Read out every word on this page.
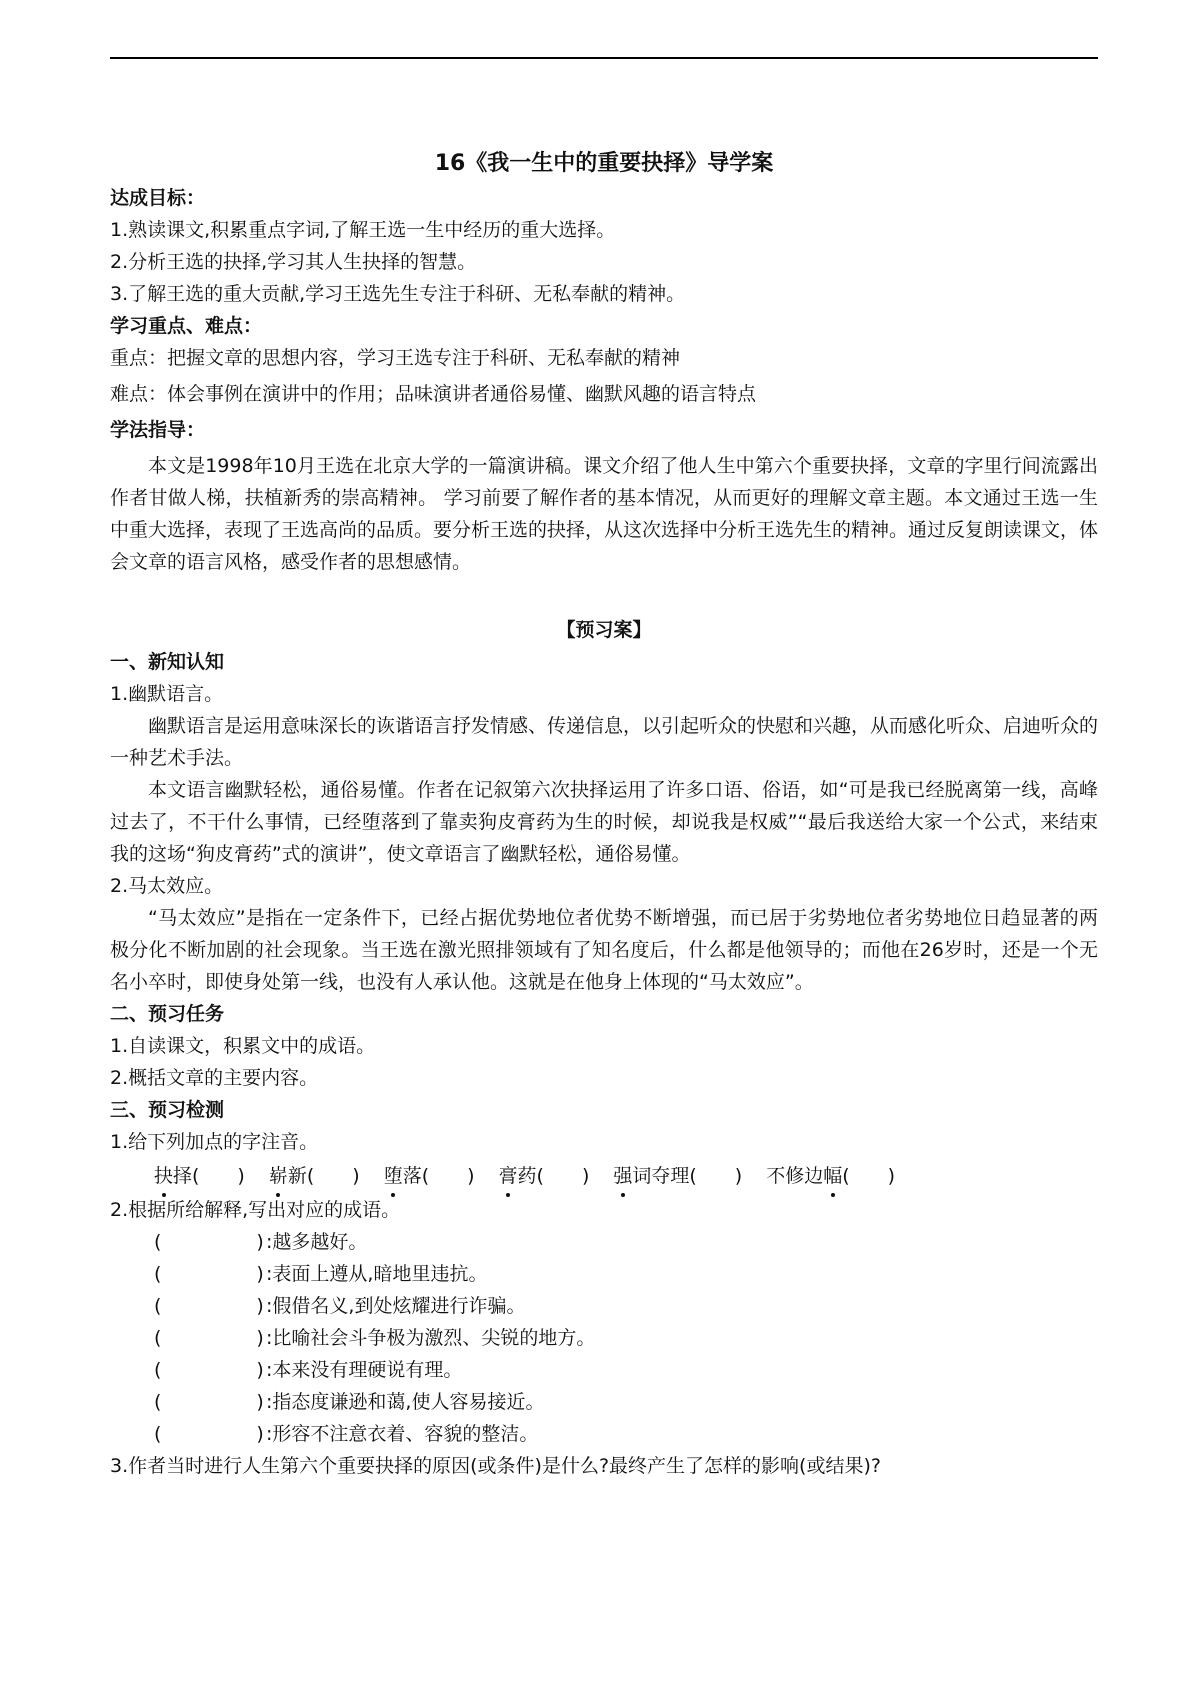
16《我一生中的重要抉择》导学案

达成目标：

1.熟读课文,积累重点字词,了解王选一生中经历的重大选择。

2.分析王选的抉择,学习其人生抉择的智慧。

3.了解王选的重大贡献,学习王选先生专注于科研、无私奉献的精神。

学习重点、难点：

重点：把握文章的思想内容，学习王选专注于科研、无私奉献的精神

难点：体会事例在演讲中的作用；品味演讲者通俗易懂、幽默风趣的语言特点

学法指导：

本文是1998年10月王选在北京大学的一篇演讲稿。课文介绍了他人生中第六个重要抉择，文章的字里行间流露出作者甘做人梯，扶植新秀的崇高精神。 学习前要了解作者的基本情况，从而更好的理解文章主题。本文通过王选一生中重大选择，表现了王选高尚的品质。要分析王选的抉择，从这次选择中分析王选先生的精神。通过反复朗读课文，体会文章的语言风格，感受作者的思想感情。

【预习案】

一、新知认知

1.幽默语言。

幽默语言是运用意味深长的诙谐语言抒发情感、传递信息，以引起听众的快慰和兴趣，从而感化听众、启迪听众的一种艺术手法。

本文语言幽默轻松，通俗易懂。作者在记叙第六次抉择运用了许多口语、俗语，如“可是我已经脱离第一线，高峰过去了，不干什么事情，已经堕落到了靠卖狗皮膏药为生的时候，却说我是权威”“最后我送给大家一个公式，来结束我的这场“狗皮膏药”式的演讲”，使文章语言了幽默轻松，通俗易懂。

2.马太效应。

“马太效应”是指在一定条件下，已经占据优势地位者优势不断增强，而已居于劣势地位者劣势地位日趋显著的两极分化不断加剧的社会现象。当王选在激光照排领域有了知名度后，什么都是他领导的；而他在26岁时，还是一个无名小卒时，即使身处第一线，也没有人承认他。这就是在他身上体现的“马太效应”。

二、预习任务

1.自读课文，积累文中的成语。

2.概括文章的主要内容。

三、预习检测

1.给下列加点的字注音。

抉择(　　) 崭新(　　) 堕落(　　) 膏药(　　) 强词夺理(　　) 不修边幅(　　)

2.根据所给解释,写出对应的成语。

(　　　　　) :越多越好。

(　　　　　) :表面上遵从,暗地里违抗。

(　　　　　) :假借名义,到处炫耀进行诈骗。

(　　　　　) :比喻社会斗争极为激烈、尖锐的地方。

(　　　　　) :本来没有理硬说有理。

(　　　　　) :指态度谦逊和蔼,使人容易接近。

(　　　　　) :形容不注意衣着、容貌的整洁。

3.作者当时进行人生第六个重要抉择的原因(或条件)是什么?最终产生了怎样的影响(或结果)?
